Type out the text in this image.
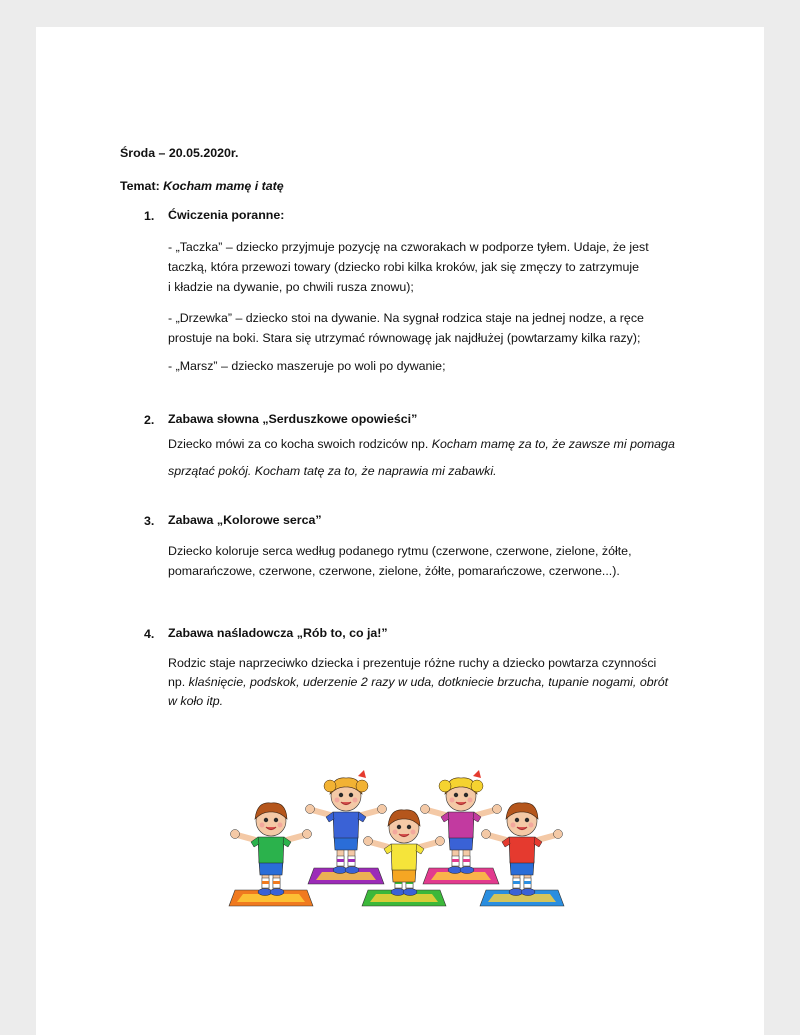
Środa – 20.05.2020r.
Temat: Kocham mamę i tatę
1. Ćwiczenia poranne:
- „Taczka” – dziecko przyjmuje pozycję na czworakach w podporze tyłem. Udaje, że jest
taczką, która przewozi towary (dziecko robi kilka kroków, jak się zmęczy to zatrzymuje
i kładzie na dywanie, po chwili rusza znowu);
- „Drzewka” – dziecko stoi na dywanie. Na sygnał rodzica staje na jednej nodze, a ręce
prostuje na boki. Stara się utrzymać równowagę jak najdłużej (powtarzamy kilka razy);
- „Marsz” – dziecko maszeruje po woli po dywanie;
2. Zabawa słowna „Serduszkowe opowieści”
Dziecko mówi za co kocha swoich rodziców np. Kocham mamę za to, że zawsze mi pomaga
sprzątać pokój. Kocham tatę za to, że naprawia mi zabawki.
3. Zabawa „Kolorowe serca”
Dziecko koloruje serca według podanego rytmu (czerwone, czerwone, zielone, żółte,
pomarańczowe, czerwone, czerwone, zielone, żółte, pomarańczowe, czerwone...).
4. Zabawa naśladowcza „Rób to, co ja!”
Rodzic staje naprzeciwko dziecka i prezentuje różne ruchy a dziecko powtarza czynności
np. klaśnięcie, podskok, uderzenie 2 razy w uda, dotkniecie brzucha, tupanie nogami, obrót
w koło itp.
